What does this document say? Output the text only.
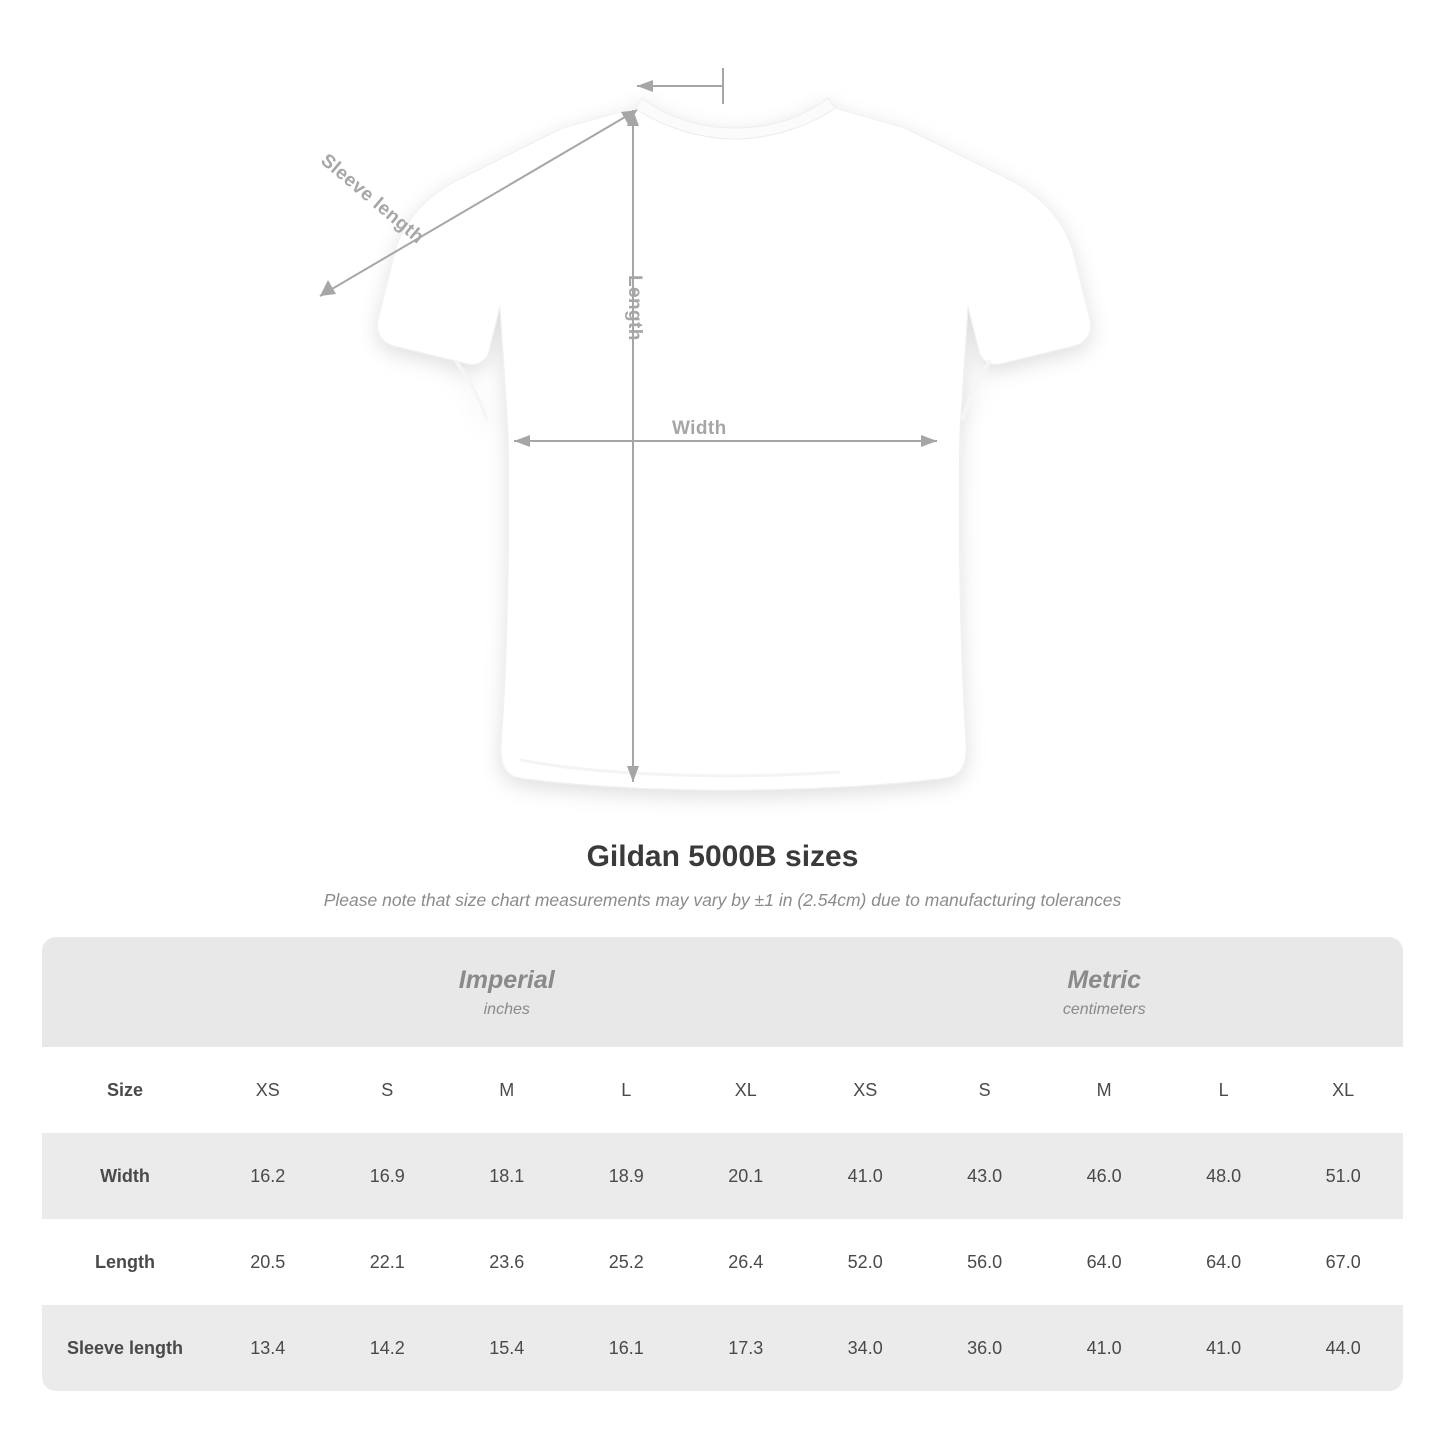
Sleeve length
Length
Width
Gildan 5000B sizes
Please note that size chart measurements may vary by ±1 in (2.54cm) due to manufacturing tolerances

Imperial
inches

Metric
centimeters

Size	XS	S	M	L	XL	XS	S	M	L	XL
Width	16.2	16.9	18.1	18.9	20.1	41.0	43.0	46.0	48.0	51.0
Length	20.5	22.1	23.6	25.2	26.4	52.0	56.0	64.0	64.0	67.0
Sleeve length	13.4	14.2	15.4	16.1	17.3	34.0	36.0	41.0	41.0	44.0
